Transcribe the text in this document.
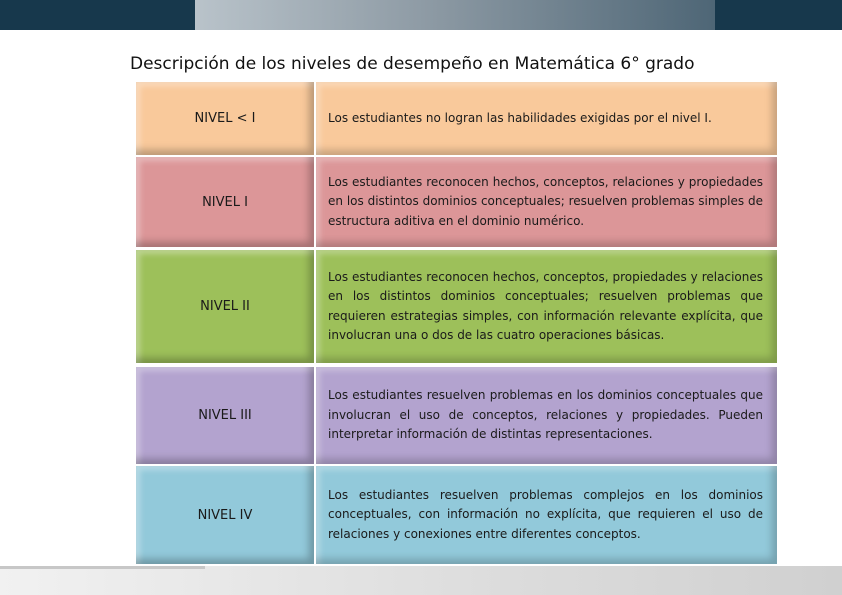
Descripción de los niveles de desempeño en Matemática 6° grado
NIVEL < I	Los estudiantes no logran las habilidades exigidas por el nivel I.
NIVEL I
Los estudiantes reconocen hechos, conceptos, relaciones y propiedades en los distintos dominios conceptuales; resuelven problemas simples de estructura aditiva en el dominio numérico.
NIVEL II
Los estudiantes reconocen hechos, conceptos, propiedades y relaciones en los distintos dominios conceptuales; resuelven problemas que requieren estrategias simples, con información relevante explícita, que involucran una o dos de las cuatro operaciones básicas.
NIVEL III
Los estudiantes resuelven problemas en los dominios conceptuales que involucran el uso de conceptos, relaciones y propiedades. Pueden interpretar información de distintas representaciones.
NIVEL IV
Los estudiantes resuelven problemas complejos en los dominios conceptuales, con información no explícita, que requieren el uso de relaciones y conexiones entre diferentes conceptos.
